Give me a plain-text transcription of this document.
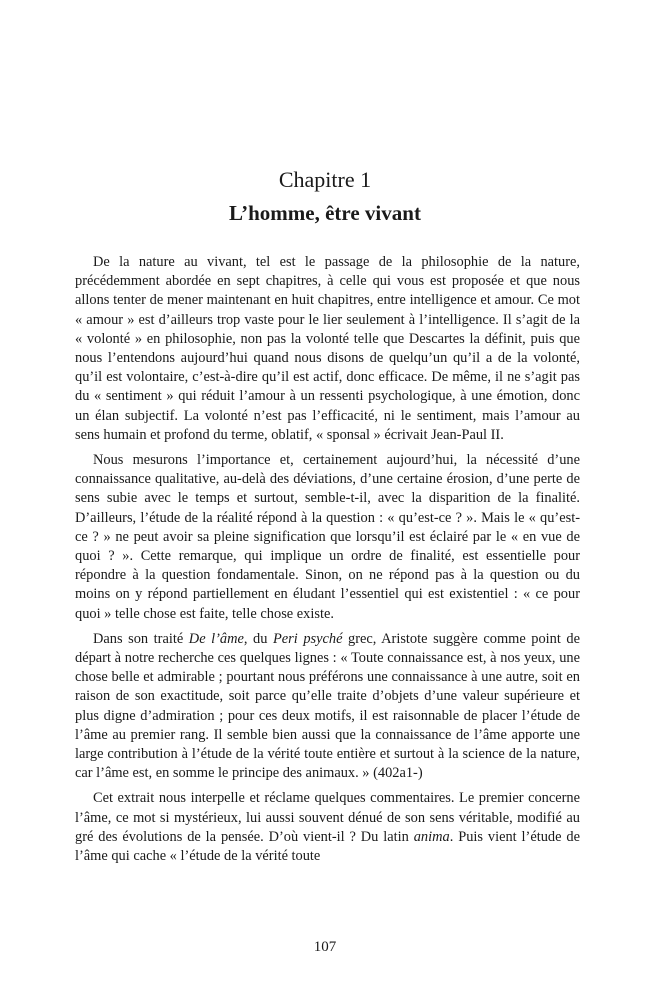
Chapitre 1
L’homme, être vivant

De la nature au vivant, tel est le passage de la philosophie de la nature, précédemment abordée en sept chapitres, à celle qui vous est proposée et que nous allons tenter de mener maintenant en huit chapitres, entre intelligence et amour. Ce mot « amour » est d’ailleurs trop vaste pour le lier seulement à l’intelligence. Il s’agit de la « volonté » en philosophie, non pas la volonté telle que Descartes la définit, puis que nous l’entendons aujourd’hui quand nous disons de quelqu’un qu’il a de la volonté, qu’il est volontaire, c’est-à-dire qu’il est actif, donc efficace. De même, il ne s’agit pas du « sentiment » qui réduit l’amour à un ressenti psychologique, à une émotion, donc un élan subjectif. La volonté n’est pas l’efficacité, ni le sentiment, mais l’amour au sens humain et profond du terme, oblatif, « sponsal » écrivait Jean-Paul II.

Nous mesurons l’importance et, certainement aujourd’hui, la nécessité d’une connaissance qualitative, au-delà des déviations, d’une certaine érosion, d’une perte de sens subie avec le temps et surtout, semble-t-il, avec la disparition de la finalité. D’ailleurs, l’étude de la réalité répond à la question : « qu’est-ce ? ». Mais le « qu’est-ce ? » ne peut avoir sa pleine signification que lorsqu’il est éclairé par le « en vue de quoi ? ». Cette remarque, qui implique un ordre de finalité, est essentielle pour répondre à la question fondamentale. Sinon, on ne répond pas à la question ou du moins on y répond partiellement en éludant l’essentiel qui est existentiel : « ce pour quoi » telle chose est faite, telle chose existe.

Dans son traité De l’âme, du Peri psyché grec, Aristote suggère comme point de départ à notre recherche ces quelques lignes : « Toute connaissance est, à nos yeux, une chose belle et admirable ; pourtant nous préférons une connaissance à une autre, soit en raison de son exactitude, soit parce qu’elle traite d’objets d’une valeur supérieure et plus digne d’admiration ; pour ces deux motifs, il est raisonnable de placer l’étude de l’âme au premier rang. Il semble bien aussi que la connaissance de l’âme apporte une large contribution à l’étude de la vérité toute entière et surtout à la science de la nature, car l’âme est, en somme le principe des animaux. » (402a1-)

Cet extrait nous interpelle et réclame quelques commentaires. Le premier concerne l’âme, ce mot si mystérieux, lui aussi souvent dénué de son sens véritable, modifié au gré des évolutions de la pensée. D’où vient-il ? Du latin anima. Puis vient l’étude de l’âme qui cache « l’étude de la vérité toute

107
